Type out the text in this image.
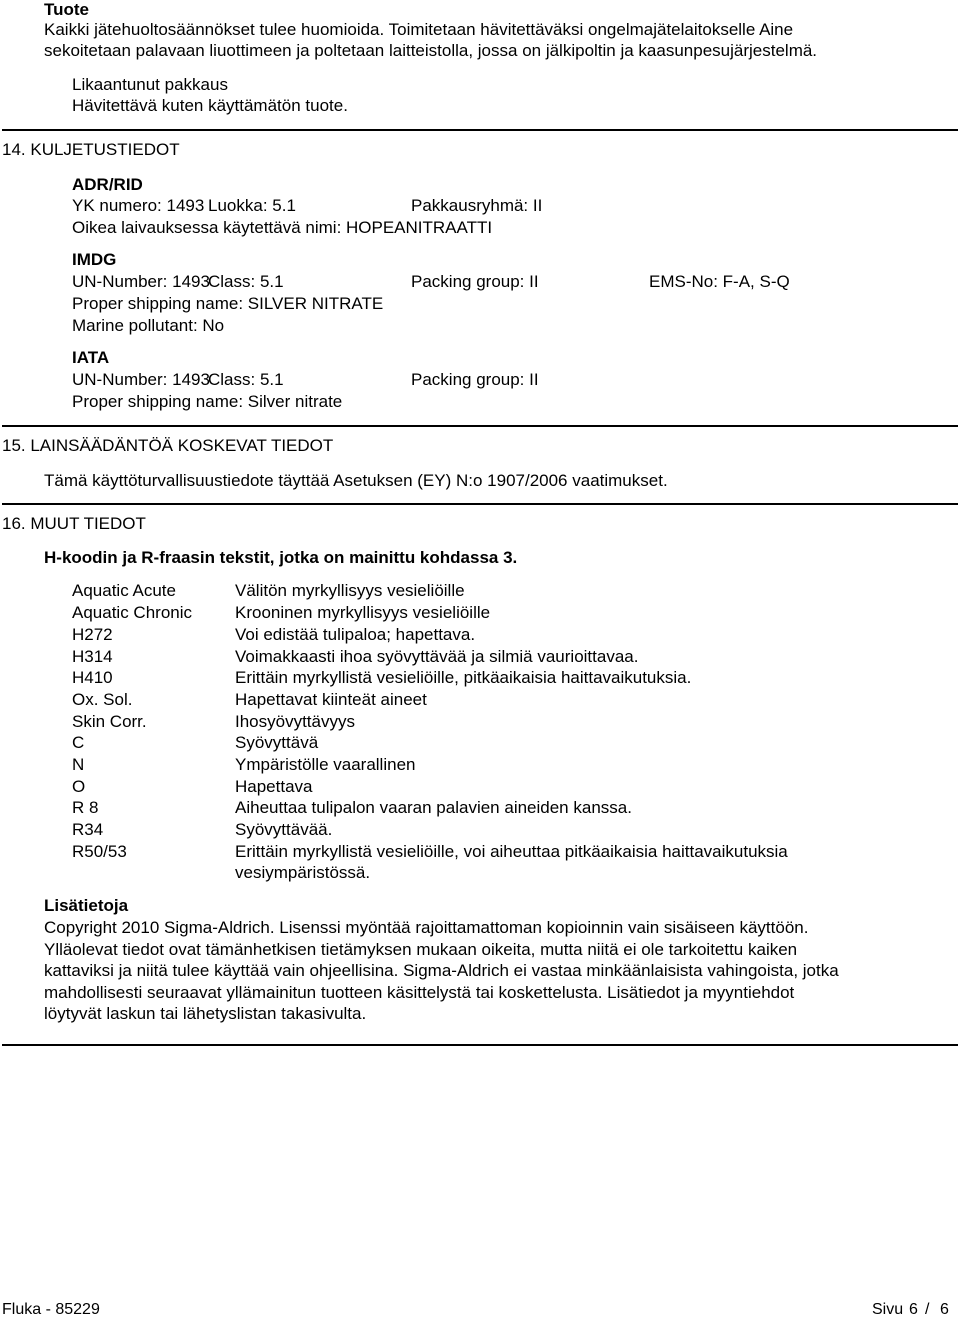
Tuote
Kaikki jätehuoltosäännökset tulee huomioida. Toimitetaan hävitettäväksi ongelmajätelaitokselle Aine
sekoitetaan palavaan liuottimeen ja poltetaan laitteistolla, jossa on jälkipoltin ja kaasunpesujärjestelmä.
Likaantunut pakkaus
Hävitettävä kuten käyttämätön tuote.
14. KULJETUSTIEDOT
ADR/RID
YK numero: 1493 Luokka: 5.1	Pakkausryhmä: II
Oikea laivauksessa käytettävä nimi: HOPEANITRAATTI
IMDG
UN-Number: 1493
Class: 5.1	Packing group: II	EMS-No: F-A, S-Q
Proper shipping name: SILVER NITRATE
Marine pollutant: No
IATA
UN-Number: 1493
Class: 5.1	Packing group: II
Proper shipping name: Silver nitrate
15. LAINSÄÄDÄNTÖÄ KOSKEVAT TIEDOT
Tämä käyttöturvallisuustiedote täyttää Asetuksen (EY) N:o 1907/2006 vaatimukset.
16. MUUT TIEDOT
H-koodin ja R-fraasin tekstit, jotka on mainittu kohdassa 3.
Aquatic Acute	Välitön myrkyllisyys vesieliöille
Aquatic Chronic	Krooninen myrkyllisyys vesieliöille
H272	Voi edistää tulipaloa; hapettava.
H314	Voimakkaasti ihoa syövyttävää ja silmiä vaurioittavaa.
H410	Erittäin myrkyllistä vesieliöille, pitkäaikaisia haittavaikutuksia.
Ox. Sol.	Hapettavat kiinteät aineet
Skin Corr.	Ihosyövyttävyys
C	Syövyttävä
N	Ympäristölle vaarallinen
O	Hapettava
R 8	Aiheuttaa tulipalon vaaran palavien aineiden kanssa.
R34	Syövyttävää.
R50/53	Erittäin myrkyllistä vesieliöille, voi aiheuttaa pitkäaikaisia haittavaikutuksia
vesiympäristössä.
Lisätietoja
Copyright 2010 Sigma-Aldrich. Lisenssi myöntää rajoittamattoman kopioinnin vain sisäiseen käyttöön.
Ylläolevat tiedot ovat tämänhetkisen tietämyksen mukaan oikeita, mutta niitä ei ole tarkoitettu kaiken
kattaviksi ja niitä tulee käyttää vain ohjeellisina. Sigma-Aldrich ei vastaa minkäänlaisista vahingoista, jotka
mahdollisesti seuraavat yllämainitun tuotteen käsittelystä tai koskettelusta. Lisätiedot ja myyntiehdot
löytyvät laskun tai lähetyslistan takasivulta.
Fluka - 85229	Sivu 6 / 6
